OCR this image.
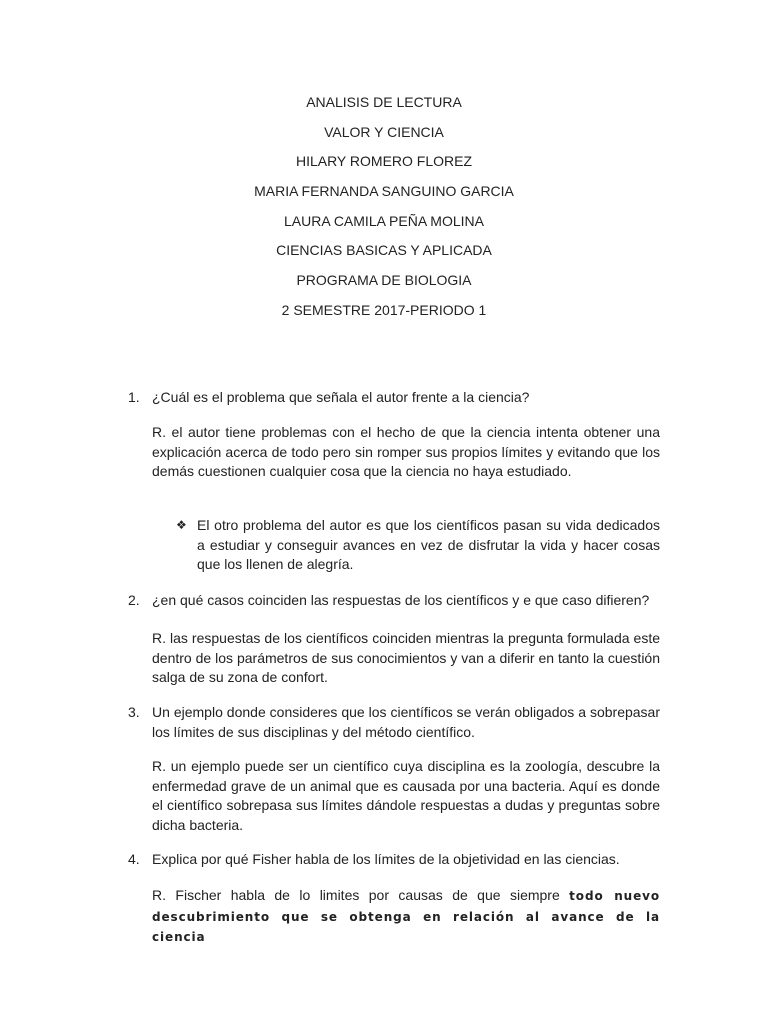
ANALISIS DE LECTURA
VALOR Y CIENCIA
HILARY ROMERO FLOREZ
MARIA FERNANDA SANGUINO GARCIA
LAURA CAMILA PEÑA MOLINA
CIENCIAS BASICAS Y APLICADA
PROGRAMA DE BIOLOGIA
2 SEMESTRE 2017-PERIODO 1
1. ¿Cuál es el problema que señala el autor frente a la ciencia?
R. el autor tiene problemas con el hecho de que la ciencia intenta obtener una explicación acerca de todo pero sin romper sus propios límites y evitando que los demás cuestionen cualquier cosa que la ciencia no haya estudiado.
❖ El otro problema del autor es que los científicos pasan su vida dedicados a estudiar y conseguir avances en vez de disfrutar la vida y hacer cosas que los llenen de alegría.
2. ¿en qué casos coinciden las respuestas de los científicos y e que caso difieren?
R. las respuestas de los científicos coinciden mientras la pregunta formulada este dentro de los parámetros de sus conocimientos y van a diferir en tanto la cuestión salga de su zona de confort.
3. Un ejemplo donde consideres que los científicos se verán obligados a sobrepasar los límites de sus disciplinas y del método científico.
R. un ejemplo puede ser un científico cuya disciplina es la zoología, descubre la enfermedad grave de un animal que es causada por una bacteria. Aquí es donde el científico sobrepasa sus límites dándole respuestas a dudas y preguntas sobre dicha bacteria.
4. Explica por qué Fisher habla de los límites de la objetividad en las ciencias.
R. Fischer habla de lo limites por causas de que siempre todo nuevo descubrimiento que se obtenga en relación al avance de la ciencia
